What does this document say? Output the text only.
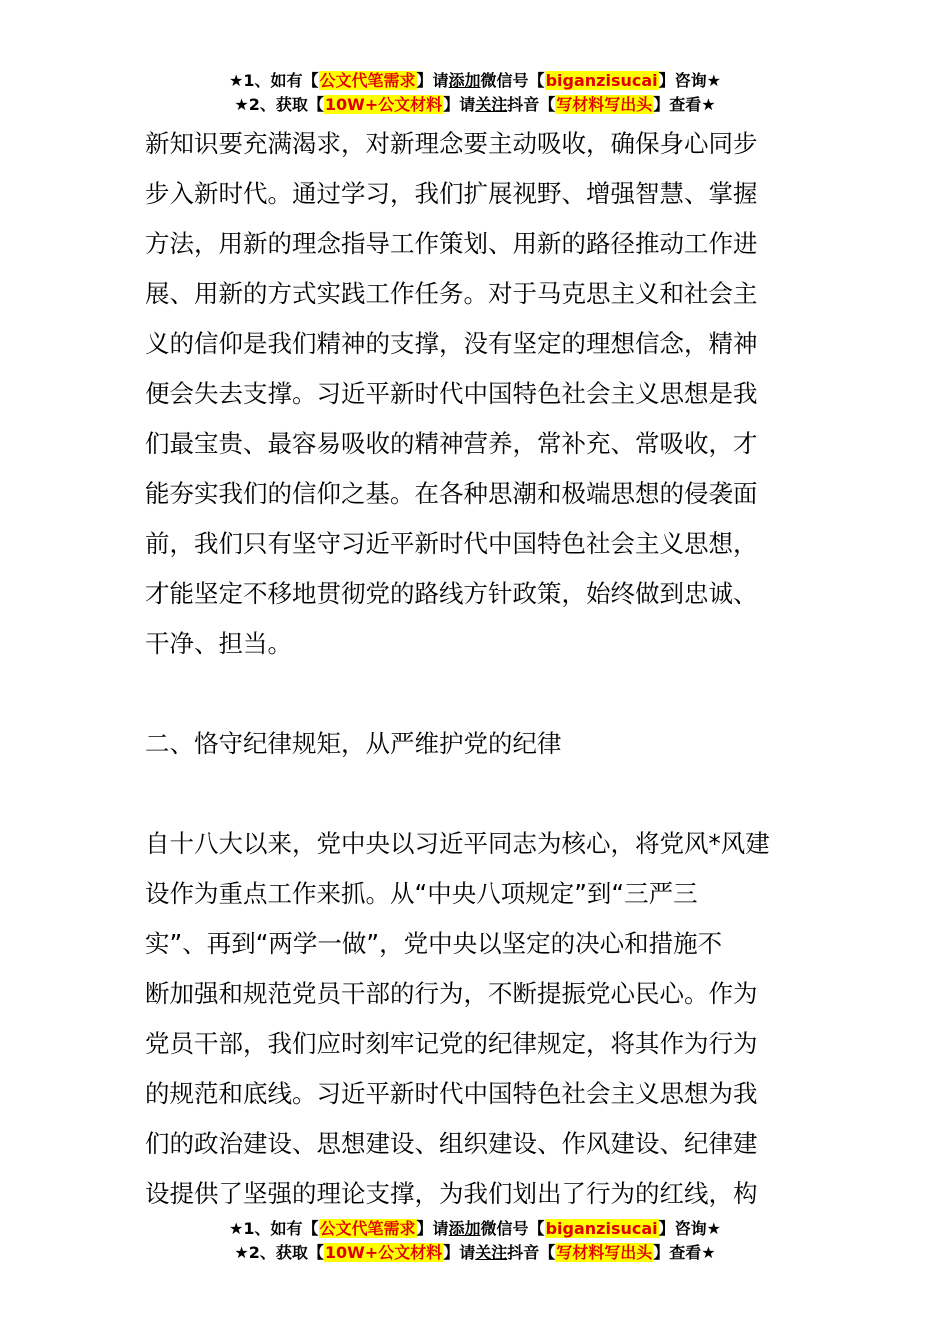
★1、如有【公文代笔需求】请添加微信号【biganzisucai】咨询★
★2、获取【10W+公文材料】请关注抖音【写材料写出头】查看★
新知识要充满渴求，对新理念要主动吸收，确保身心同步
步入新时代。通过学习，我们扩展视野、增强智慧、掌握
方法，用新的理念指导工作策划、用新的路径推动工作进
展、用新的方式实践工作任务。对于马克思主义和社会主
义的信仰是我们精神的支撑，没有坚定的理想信念，精神
便会失去支撑。习近平新时代中国特色社会主义思想是我
们最宝贵、最容易吸收的精神营养，常补充、常吸收，才
能夯实我们的信仰之基。在各种思潮和极端思想的侵袭面
前，我们只有坚守习近平新时代中国特色社会主义思想，
才能坚定不移地贯彻党的路线方针政策，始终做到忠诚、
干净、担当。
二、恪守纪律规矩，从严维护党的纪律
自十八大以来，党中央以习近平同志为核心，将党风*风建
设作为重点工作来抓。从“中央八项规定”到“三严三
实”、再到“两学一做”，党中央以坚定的决心和措施不
断加强和规范党员干部的行为，不断提振党心民心。作为
党员干部，我们应时刻牢记党的纪律规定，将其作为行为
的规范和底线。习近平新时代中国特色社会主义思想为我
们的政治建设、思想建设、组织建设、作风建设、纪律建
设提供了坚强的理论支撑，为我们划出了行为的红线，构
★1、如有【公文代笔需求】请添加微信号【biganzisucai】咨询★
★2、获取【10W+公文材料】请关注抖音【写材料写出头】查看★
